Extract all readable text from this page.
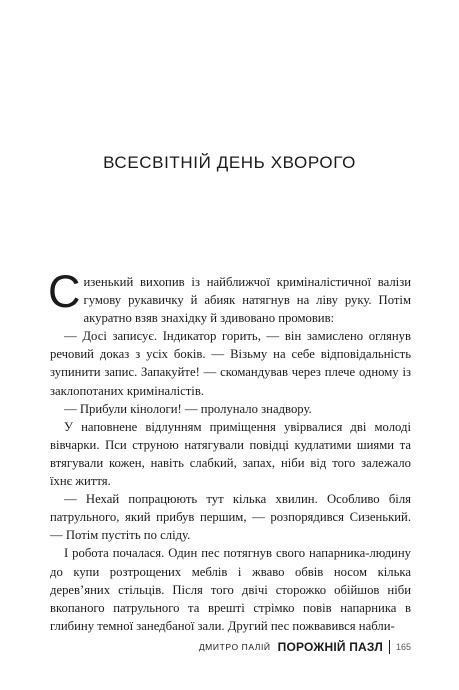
ВСЕСВІТНІЙ ДЕНЬ ХВОРОГО

Сизенький вихопив із найближчої криміналістичної валізи гумову рукавичку й абияк натягнув на ліву руку. Потім акуратно взяв знахідку й здивовано промовив:

— Досі записує. Індикатор горить, — він замислено оглянув речовий доказ з усіх боків. — Візьму на себе відповідальність зупинити запис. Запакуйте! — скомандував через плече одному із заклопотаних криміналістів.

— Прибули кінологи! — пролунало знадвору.

У наповнене відлунням приміщення увірвалися дві молоді вівчарки. Пси струною натягували повідці кудлатими шиями та втягували кожен, навіть слабкий, запах, ніби від того залежало їхнє життя.

— Нехай попрацюють тут кілька хвилин. Особливо біля патрульного, який прибув першим, — розпорядився Сизенький. — Потім пустіть по сліду.

І робота почалася. Один пес потягнув свого напарника-людину до купи розтрощених меблів і жваво обвів носом кілька дерев’яних стільців. Після того двічі сторожко обійшов ніби вкопаного патрульного та врешті стрімко повів напарника в глибину темної занедбаної зали. Другий пес пожвавився набли-

ДМИТРО ПАЛІЙ ПОРОЖНІЙ ПАЗЛ 165
